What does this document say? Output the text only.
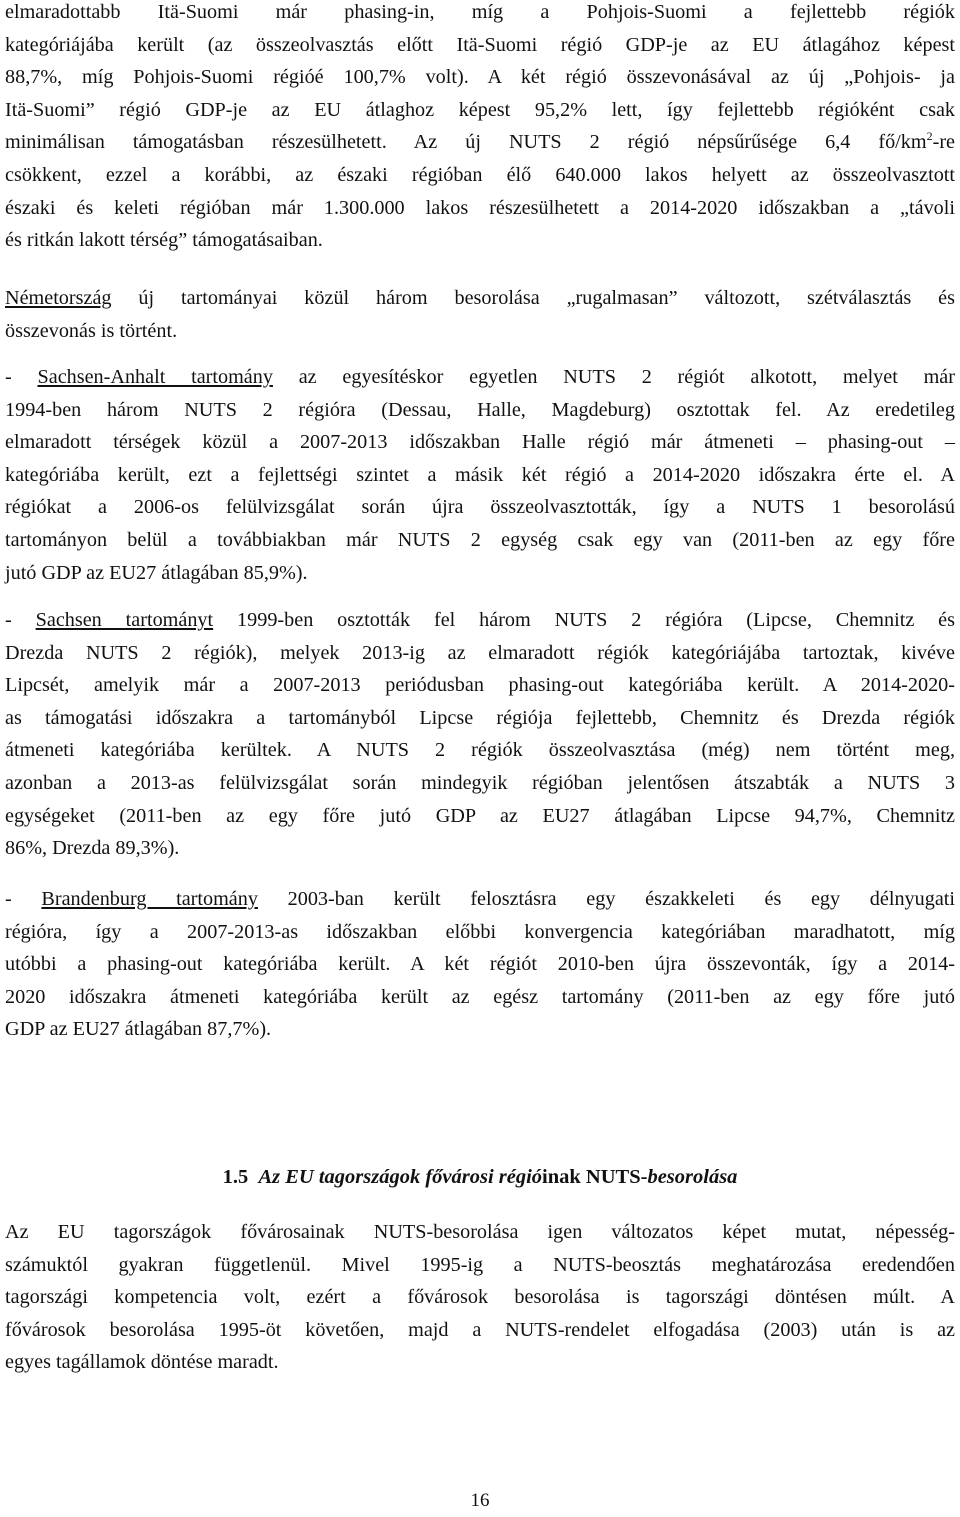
elmaradottabb Itä-Suomi már phasing-in, míg a Pohjois-Suomi a fejlettebb régiók
kategóriájába került (az összeolvasztás előtt Itä-Suomi régió GDP-je az EU átlagához képest
88,7%, míg Pohjois-Suomi régióé 100,7% volt). A két régió összevonásával az új „Pohjois- ja
Itä-Suomi” régió GDP-je az EU átlaghoz képest 95,2% lett, így fejlettebb régióként csak
minimálisan támogatásban részesülhetett. Az új NUTS 2 régió népsűrűsége 6,4 $fő/km^2-re$
csökkent, ezzel a korábbi, az északi régióban élő 640.000 lakos helyett az összeolvasztott
északi és keleti régióban már 1.300.000 lakos részesülhetett a 2014-2020 időszakban a „távoli
és ritkán lakott térség” támogatásaiban.

Németország új tartományai közül három besorolása „rugalmasan” változott, szétválasztás és
összevonás is történt.

- Sachsen-Anhalt tartomány az egyesítéskor egyetlen NUTS 2 régiót alkotott, melyet már
1994-ben három NUTS 2 régióra (Dessau, Halle, Magdeburg) osztottak fel. Az eredetileg
elmaradott térségek közül a 2007-2013 időszakban Halle régió már átmeneti – phasing-out –
kategóriába került, ezt a fejlettségi szintet a másik két régió a 2014-2020 időszakra érte el. A
régiókat a 2006-os felülvizsgálat során újra összeolvasztották, így a NUTS 1 besorolású
tartományon belül a továbbiakban már NUTS 2 egység csak egy van (2011-ben az egy főre
jutó GDP az EU27 átlagában 85,9%).

- Sachsen tartományt 1999-ben osztották fel három NUTS 2 régióra (Lipcse, Chemnitz és
Drezda NUTS 2 régiók), melyek 2013-ig az elmaradott régiók kategóriájába tartoztak, kivéve
Lipcsét, amelyik már a 2007-2013 periódusban phasing-out kategóriába került. A 2014-2020-
as támogatási időszakra a tartományból Lipcse régiója fejlettebb, Chemnitz és Drezda régiók
átmeneti kategóriába kerültek. A NUTS 2 régiók összeolvasztása (még) nem történt meg,
azonban a 2013-as felülvizsgálat során mindegyik régióban jelentősen átszabták a NUTS 3
egységeket (2011-ben az egy főre jutó GDP az EU27 átlagában Lipcse 94,7%, Chemnitz
86%, Drezda 89,3%).

- Brandenburg tartomány 2003-ban került felosztásra egy északkeleti és egy délnyugati
régióra, így a 2007-2013-as időszakban előbbi konvergencia kategóriában maradhatott, míg
utóbbi a phasing-out kategóriába került. A két régiót 2010-ben újra összevonták, így a 2014-
2020 időszakra átmeneti kategóriába került az egész tartomány (2011-ben az egy főre jutó
GDP az EU27 átlagában 87,7%).

1.5 Az EU tagországok fővárosi régióinak NUTS-besorolása

Az EU tagországok fővárosainak NUTS-besorolása igen változatos képet mutat, népesség-
számuktól gyakran függetlenül. Mivel 1995-ig a NUTS-beosztás meghatározása eredendően
tagországi kompetencia volt, ezért a fővárosok besorolása is tagországi döntésen múlt. A
fővárosok besorolása 1995-öt követően, majd a NUTS-rendelet elfogadása (2003) után is az
egyes tagállamok döntése maradt.

16
